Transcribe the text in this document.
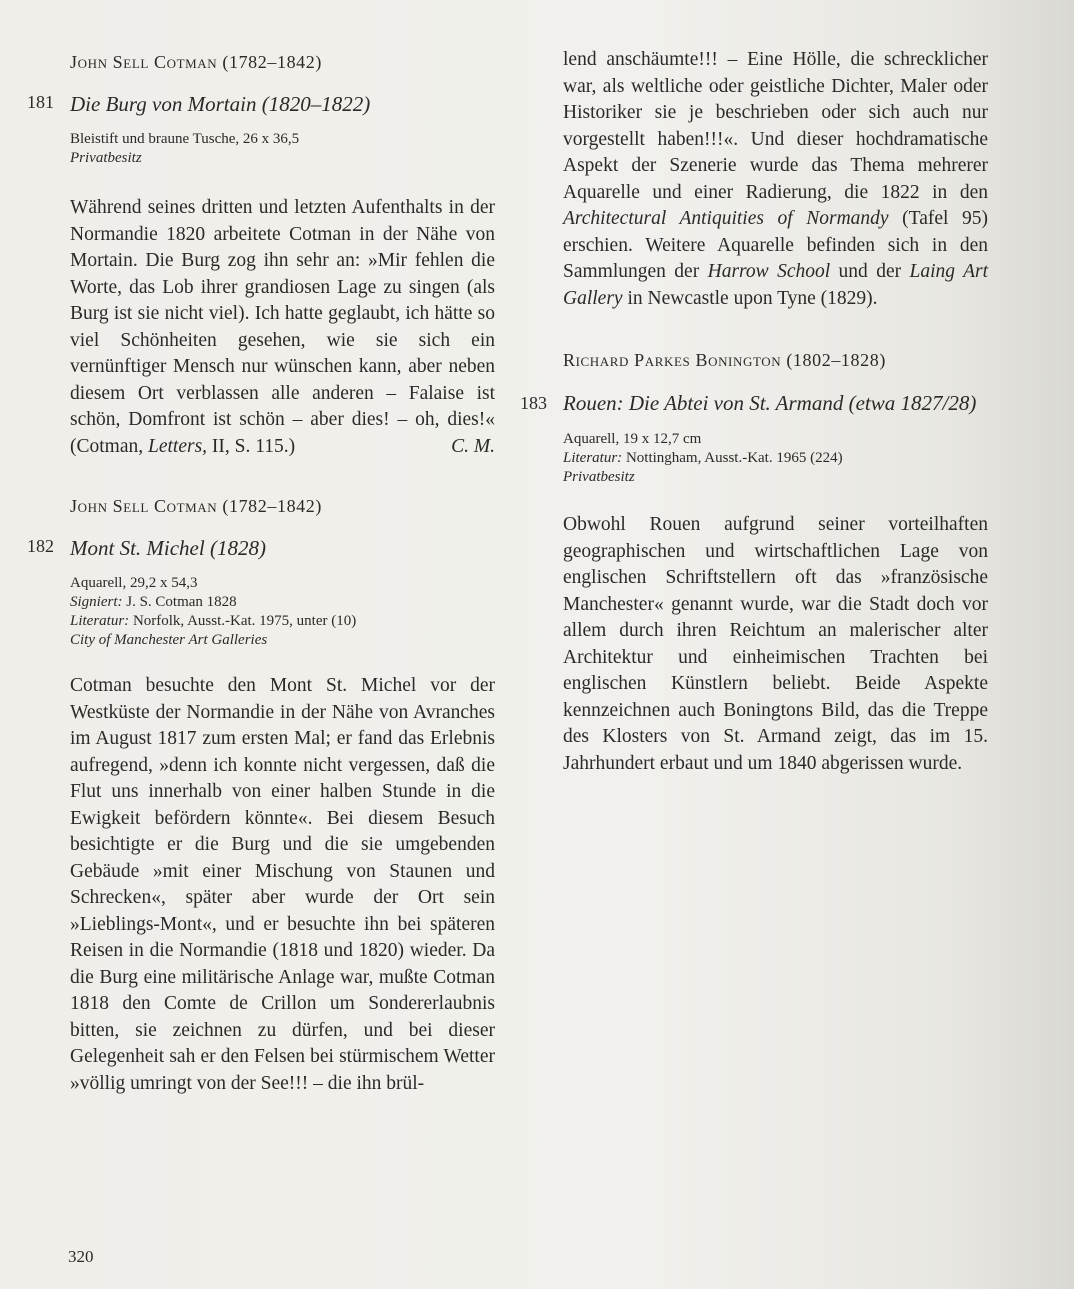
John Sell Cotman (1782–1842)

181 Die Burg von Mortain (1820–1822)

Bleistift und braune Tusche, 26 x 36,5

Privatbesitz

Während seines dritten und letzten Aufenthalts in der Normandie 1820 arbeitete Cotman in der Nähe von Mortain. Die Burg zog ihn sehr an: »Mir fehlen die Worte, das Lob ihrer grandiosen Lage zu singen (als Burg ist sie nicht viel). Ich hatte geglaubt, ich hätte so viel Schönheiten gesehen, wie sie sich ein vernünftiger Mensch nur wünschen kann, aber neben diesem Ort verblassen alle anderen – Falaise ist schön, Domfront ist schön – aber dies! – oh, dies!« (Cotman, Letters, II, S. 115.)	C. M.

John Sell Cotman (1782–1842)

182 Mont St. Michel (1828)

Aquarell, 29,2 x 54,3

Signiert: J. S. Cotman 1828

Literatur: Norfolk, Ausst.-Kat. 1975, unter (10)

City of Manchester Art Galleries

Cotman besuchte den Mont St. Michel vor der Westküste der Normandie in der Nähe von Avranches im August 1817 zum ersten Mal; er fand das Erlebnis aufregend, »denn ich konnte nicht vergessen, daß die Flut uns innerhalb von einer halben Stunde in die Ewigkeit befördern könnte«. Bei diesem Besuch besichtigte er die Burg und die sie umgebenden Gebäude »mit einer Mischung von Staunen und Schrecken«, später aber wurde der Ort sein »Lieblings-Mont«, und er besuchte ihn bei späteren Reisen in die Normandie (1818 und 1820) wieder. Da die Burg eine militärische Anlage war, mußte Cotman 1818 den Comte de Crillon um Sondererlaubnis bitten, sie zeichnen zu dürfen, und bei dieser Gelegenheit sah er den Felsen bei stürmischem Wetter »völlig umringt von der See!!! – die ihn brül-

lend anschäumte!!! – Eine Hölle, die schrecklicher war, als weltliche oder geistliche Dichter, Maler oder Historiker sie je beschrieben oder sich auch nur vorgestellt haben!!!«. Und dieser hochdramatische Aspekt der Szenerie wurde das Thema mehrerer Aquarelle und einer Radierung, die 1822 in den Architectural Antiquities of Normandy (Tafel 95) erschien. Weitere Aquarelle befinden sich in den Sammlungen der Harrow School und der Laing Art Gallery in Newcastle upon Tyne (1829).

Richard Parkes Bonington (1802–1828)

183 Rouen: Die Abtei von St. Armand (etwa 1827/28)

Aquarell, 19 x 12,7 cm

Literatur: Nottingham, Ausst.-Kat. 1965 (224)

Privatbesitz

Obwohl Rouen aufgrund seiner vorteilhaften geographischen und wirtschaftlichen Lage von englischen Schriftstellern oft das »französische Manchester« genannt wurde, war die Stadt doch vor allem durch ihren Reichtum an malerischer alter Architektur und einheimischen Trachten bei englischen Künstlern beliebt. Beide Aspekte kennzeichnen auch Boningtons Bild, das die Treppe des Klosters von St. Armand zeigt, das im 15. Jahrhundert erbaut und um 1840 abgerissen wurde.

320
